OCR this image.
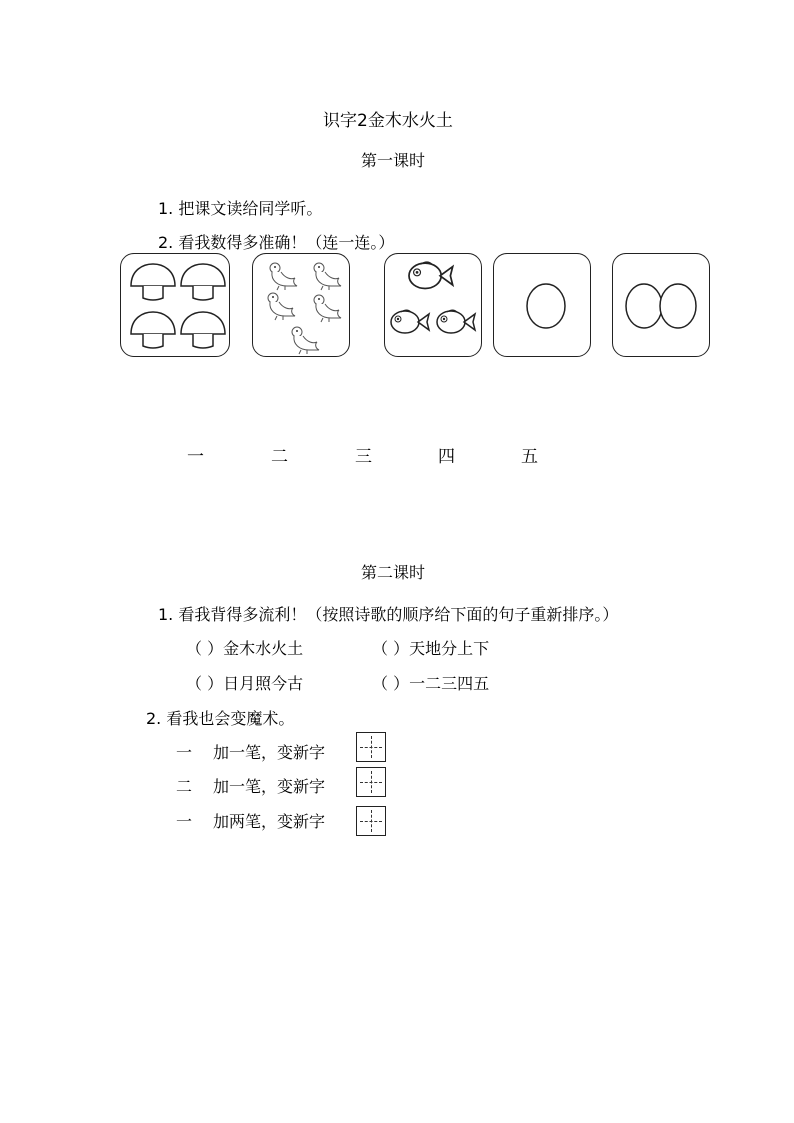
识字2金木水火土
第一课时
1. 把课文读给同学听。
2. 看我数得多准确！（连一连。）
一	二	三	四	五
第二课时
1. 看我背得多流利！（按照诗歌的顺序给下面的句子重新排序。）
（ ）金木水火土	（ ）天地分上下
（ ）日月照今古	（ ）一二三四五
2. 看我也会变魔术。
一 加一笔，变新字
二 加一笔，变新字
一 加两笔，变新字
